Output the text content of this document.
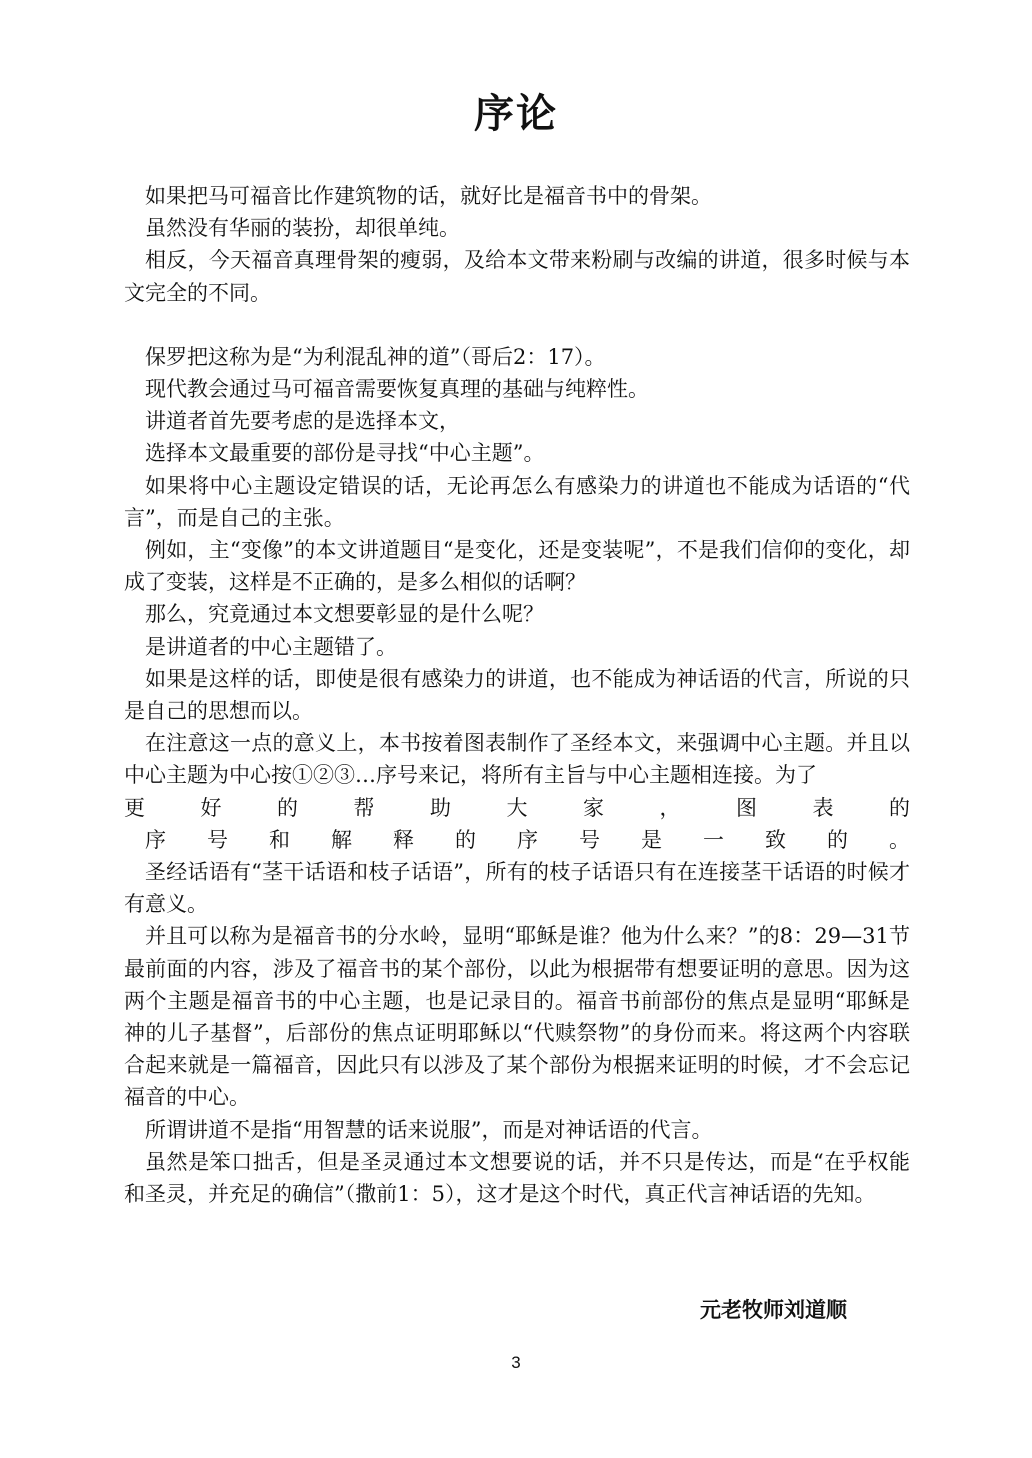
序论

如果把马可福音比作建筑物的话，就好比是福音书中的骨架。

虽然没有华丽的装扮，却很单纯。

相反，今天福音真理骨架的瘦弱，及给本文带来粉刷与改编的讲道，很多时候与本文完全的不同。

保罗把这称为是“为利混乱神的道”（哥后2：17）。

现代教会通过马可福音需要恢复真理的基础与纯粹性。

讲道者首先要考虑的是选择本文，

选择本文最重要的部份是寻找“中心主题”。

如果将中心主题设定错误的话，无论再怎么有感染力的讲道也不能成为话语的“代言”，而是自己的主张。

例如，主“变像”的本文讲道题目“是变化，还是变装呢”，不是我们信仰的变化，却成了变装，这样是不正确的，是多么相似的话啊？

那么，究竟通过本文想要彰显的是什么呢？

是讲道者的中心主题错了。

如果是这样的话，即使是很有感染力的讲道，也不能成为神话语的代言，所说的只是自己的思想而以。

在注意这一点的意义上，本书按着图表制作了圣经本文，来强调中心主题。并且以中心主题为中心按①②③…序号来记，将所有主旨与中心主题相连接。为了

更好的帮助大家，图表的

序号和解释的序号是一致的。

圣经话语有“茎干话语和枝子话语”，所有的枝子话语只有在连接茎干话语的时候才有意义。

并且可以称为是福音书的分水岭，显明“耶稣是谁？他为什么来？”的8：29—31节最前面的内容，涉及了福音书的某个部份，以此为根据带有想要证明的意思。因为这两个主题是福音书的中心主题，也是记录目的。福音书前部份的焦点是显明“耶稣是神的儿子基督”，后部份的焦点证明耶稣以“代赎祭物”的身份而来。将这两个内容联合起来就是一篇福音，因此只有以涉及了某个部份为根据来证明的时候，才不会忘记福音的中心。

所谓讲道不是指“用智慧的话来说服”，而是对神话语的代言。

虽然是笨口拙舌，但是圣灵通过本文想要说的话，并不只是传达，而是“在乎权能和圣灵，并充足的确信”（撒前1：5），这才是这个时代，真正代言神话语的先知。

元老牧师刘道顺
3
